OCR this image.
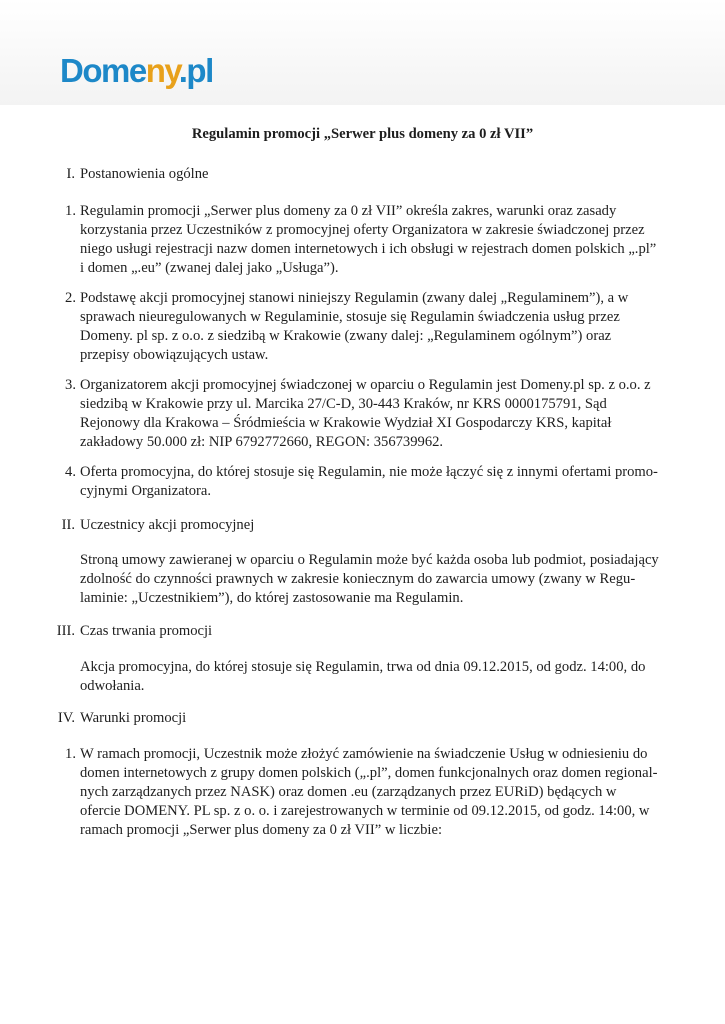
Domeny.pl
Regulamin promocji „Serwer plus domeny za 0 zł VII”
I. Postanowienia ogólne
1. Regulamin promocji „Serwer plus domeny za 0 zł VII” określa zakres, warunki oraz zasady
korzystania przez Uczestników z promocyjnej oferty Organizatora w zakresie świadczonej przez
niego usługi rejestracji nazw domen internetowych i ich obsługi w rejestrach domen polskich „.pl”
i domen „.eu” (zwanej dalej jako „Usługa”).
2. Podstawę akcji promocyjnej stanowi niniejszy Regulamin (zwany dalej „Regulaminem”), a w
sprawach nieuregulowanych w Regulaminie, stosuje się Regulamin świadczenia usług przez
Domeny. pl sp. z o.o. z siedzibą w Krakowie (zwany dalej: „Regulaminem ogólnym”) oraz
przepisy obowiązujących ustaw.
3. Organizatorem akcji promocyjnej świadczonej w oparciu o Regulamin jest Domeny.pl sp. z o.o. z
siedzibą w Krakowie przy ul. Marcika 27/C-D, 30-443 Kraków, nr KRS 0000175791, Sąd
Rejonowy dla Krakowa – Śródmieścia w Krakowie Wydział XI Gospodarczy KRS, kapitał
zakładowy 50.000 zł: NIP 6792772660, REGON: 356739962.
4. Oferta promocyjna, do której stosuje się Regulamin, nie może łączyć się z innymi ofertami promo-
cyjnymi Organizatora.
II. Uczestnicy akcji promocyjnej
Stroną umowy zawieranej w oparciu o Regulamin może być każda osoba lub podmiot, posiadający
zdolność do czynności prawnych w zakresie koniecznym do zawarcia umowy (zwany w Regu-
laminie: „Uczestnikiem”), do której zastosowanie ma Regulamin.
III. Czas trwania promocji
Akcja promocyjna, do której stosuje się Regulamin, trwa od dnia 09.12.2015, od godz. 14:00, do
odwołania.
IV. Warunki promocji
1. W ramach promocji, Uczestnik może złożyć zamówienie na świadczenie Usług w odniesieniu do
domen internetowych z grupy domen polskich („.pl”, domen funkcjonalnych oraz domen regional-
nych zarządzanych przez NASK) oraz domen .eu (zarządzanych przez EURiD) będących w
ofercie DOMENY. PL sp. z o. o. i zarejestrowanych w terminie od 09.12.2015, od godz. 14:00, w
ramach promocji „Serwer plus domeny za 0 zł VII” w liczbie:
